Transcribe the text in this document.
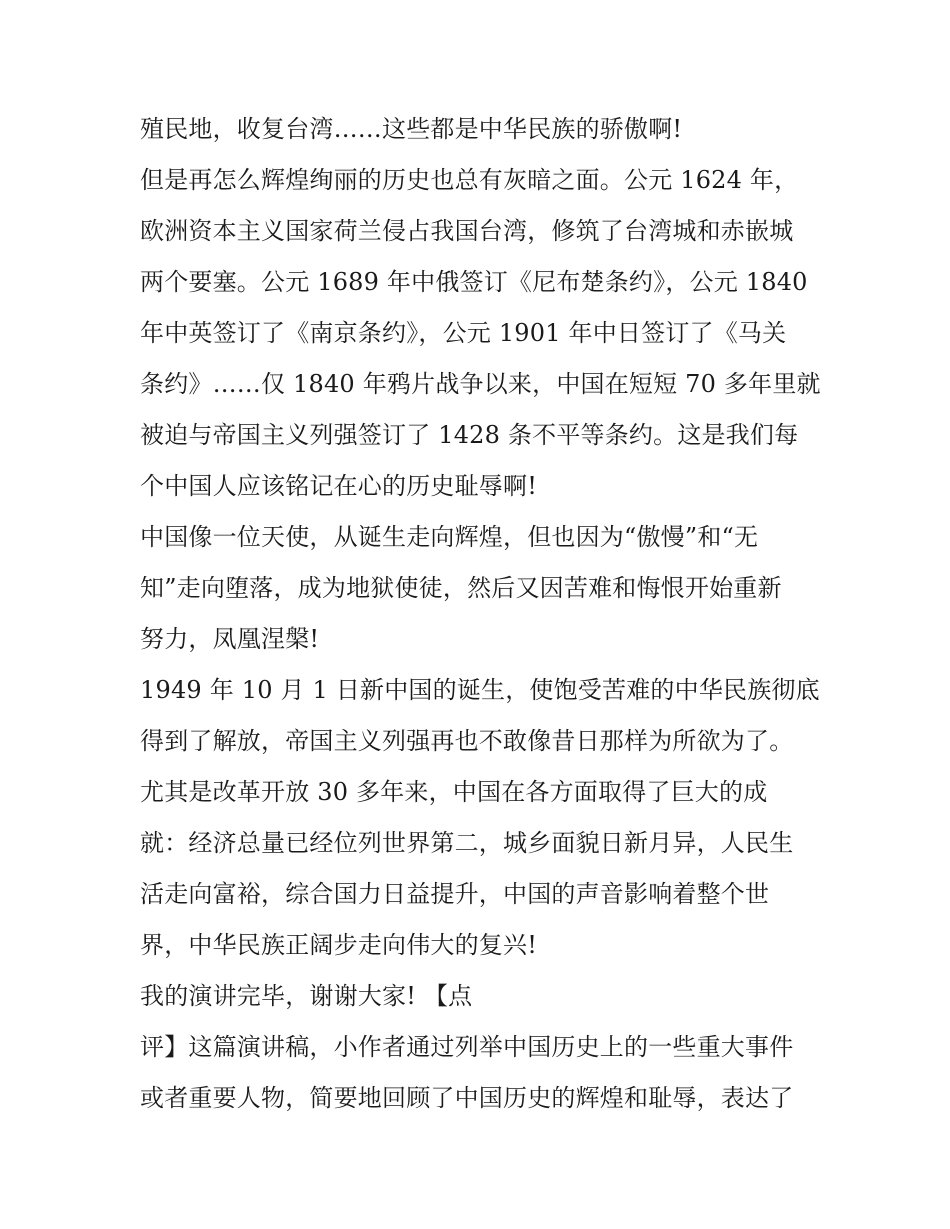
殖民地，收复台湾……这些都是中华民族的骄傲啊!
但是再怎么辉煌绚丽的历史也总有灰暗之面。公元 1624 年，
欧洲资本主义国家荷兰侵占我国台湾，修筑了台湾城和赤嵌城
两个要塞。公元 1689 年中俄签订《尼布楚条约》，公元 1840
年中英签订了《南京条约》，公元 1901 年中日签订了《马关
条约》……仅 1840 年鸦片战争以来，中国在短短 70 多年里就
被迫与帝国主义列强签订了 1428 条不平等条约。这是我们每
个中国人应该铭记在心的历史耻辱啊!
中国像一位天使，从诞生走向辉煌，但也因为“傲慢”和“无
知”走向堕落，成为地狱使徒，然后又因苦难和悔恨开始重新
努力，凤凰涅槃!
1949 年 10 月 1 日新中国的诞生，使饱受苦难的中华民族彻底
得到了解放，帝国主义列强再也不敢像昔日那样为所欲为了。
尤其是改革开放 30 多年来，中国在各方面取得了巨大的成
就：经济总量已经位列世界第二，城乡面貌日新月异，人民生
活走向富裕，综合国力日益提升，中国的声音影响着整个世
界，中华民族正阔步走向伟大的复兴!
我的演讲完毕，谢谢大家! 【点
评】这篇演讲稿，小作者通过列举中国历史上的一些重大事件
或者重要人物，简要地回顾了中国历史的辉煌和耻辱，表达了
